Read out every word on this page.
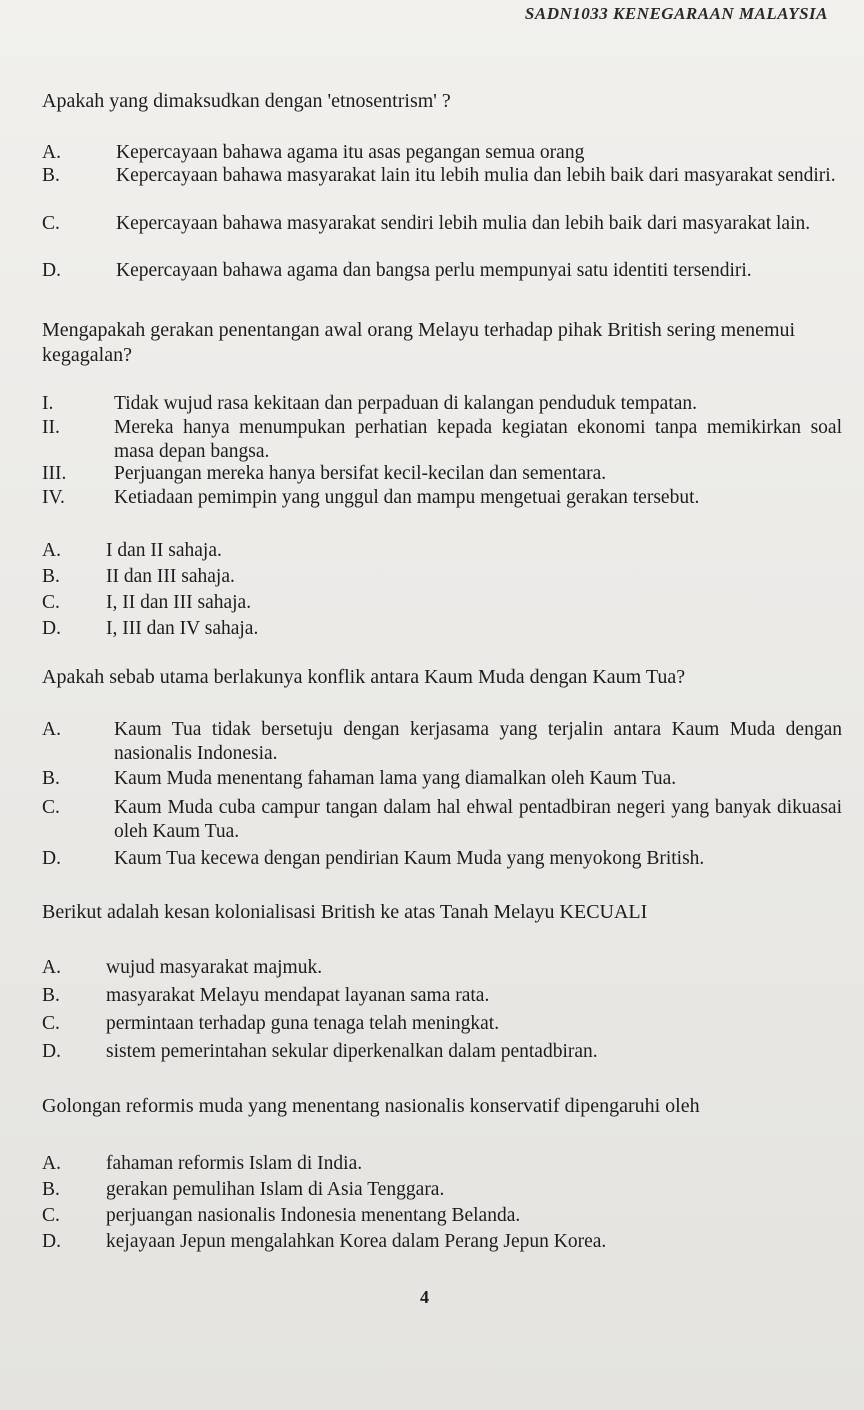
SADN1033 KENEGARAAN MALAYSIA
Apakah yang dimaksudkan dengan 'etnosentrism' ?
A.	Kepercayaan bahawa agama itu asas pegangan semua orang
B.	Kepercayaan bahawa masyarakat lain itu lebih mulia dan lebih baik dari masyarakat sendiri.
C.	Kepercayaan bahawa masyarakat sendiri lebih mulia dan lebih baik dari masyarakat lain.
D.	Kepercayaan bahawa agama dan bangsa perlu mempunyai satu identiti tersendiri.
Mengapakah gerakan penentangan awal orang Melayu terhadap pihak British sering menemui kegagalan?
I.	Tidak wujud rasa kekitaan dan perpaduan di kalangan penduduk tempatan.
II.	Mereka hanya menumpukan perhatian kepada kegiatan ekonomi tanpa memikirkan soal masa depan bangsa.
III.	Perjuangan mereka hanya bersifat kecil-kecilan dan sementara.
IV.	Ketiadaan pemimpin yang unggul dan mampu mengetuai gerakan tersebut.
A.	I dan II sahaja.
B.	II dan III sahaja.
C.	I, II dan III sahaja.
D.	I, III dan IV sahaja.
Apakah sebab utama berlakunya konflik antara Kaum Muda dengan Kaum Tua?
A.	Kaum Tua tidak bersetuju dengan kerjasama yang terjalin antara Kaum Muda dengan nasionalis Indonesia.
B.	Kaum Muda menentang fahaman lama yang diamalkan oleh Kaum Tua.
C.	Kaum Muda cuba campur tangan dalam hal ehwal pentadbiran negeri yang banyak dikuasai oleh Kaum Tua.
D.	Kaum Tua kecewa dengan pendirian Kaum Muda yang menyokong British.
Berikut adalah kesan kolonialisasi British ke atas Tanah Melayu KECUALI
A.	wujud masyarakat majmuk.
B.	masyarakat Melayu mendapat layanan sama rata.
C.	permintaan terhadap guna tenaga telah meningkat.
D.	sistem pemerintahan sekular diperkenalkan dalam pentadbiran.
Golongan reformis muda yang menentang nasionalis konservatif dipengaruhi oleh
A.	fahaman reformis Islam di India.
B.	gerakan pemulihan Islam di Asia Tenggara.
C.	perjuangan nasionalis Indonesia menentang Belanda.
D.	kejayaan Jepun mengalahkan Korea dalam Perang Jepun Korea.
4
